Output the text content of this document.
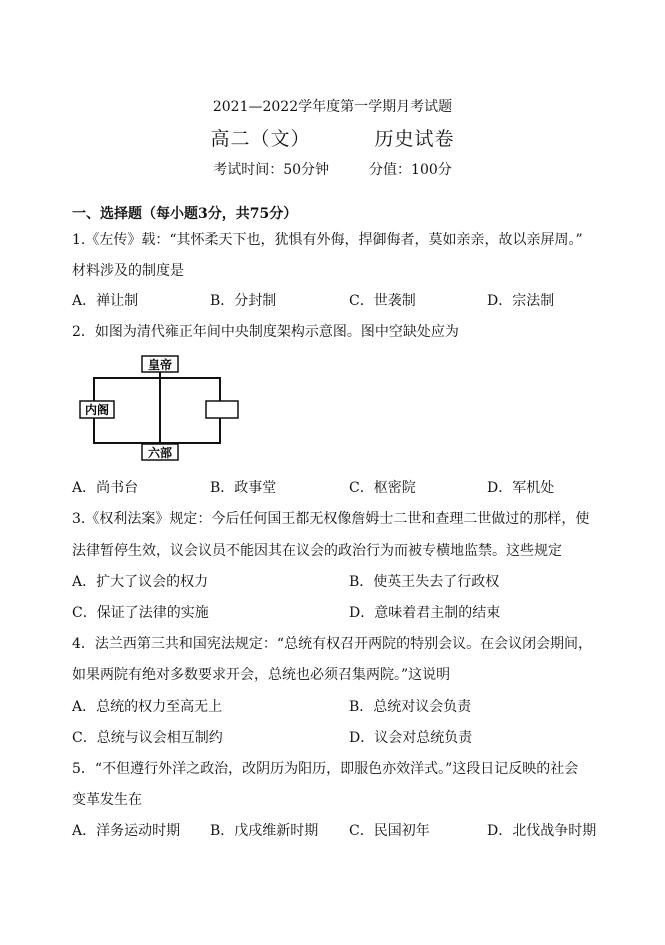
2021—2022学年度第一学期月考试题
高二（文）	历史试卷
考试时间：50分钟	分值：100分
一、选择题（每小题3分，共75分）
1.《左传》载：“其怀柔天下也，犹惧有外侮，捍御侮者，莫如亲亲，故以亲屏周。”
材料涉及的制度是
A．禅让制	B．分封制	C．世袭制	D．宗法制
2．如图为清代雍正年间中央制度架构示意图。图中空缺处应为
皇帝
内阁
六部
A．尚书台	B．政事堂	C．枢密院	D．军机处
3.《权利法案》规定：今后任何国王都无权像詹姆士二世和查理二世做过的那样，使
法律暂停生效，议会议员不能因其在议会的政治行为而被专横地监禁。这些规定
A．扩大了议会的权力	B．使英王失去了行政权
C．保证了法律的实施	D．意味着君主制的结束
4．法兰西第三共和国宪法规定：“总统有权召开两院的特别会议。在会议闭会期间，
如果两院有绝对多数要求开会，总统也必须召集两院。”这说明
A．总统的权力至高无上	B．总统对议会负责
C．总统与议会相互制约	D．议会对总统负责
5．“不但遵行外洋之政治，改阴历为阳历，即服色亦效洋式。”这段日记反映的社会
变革发生在
A．洋务运动时期 B．戊戌维新时期 C．民国初年	D．北伐战争时期
